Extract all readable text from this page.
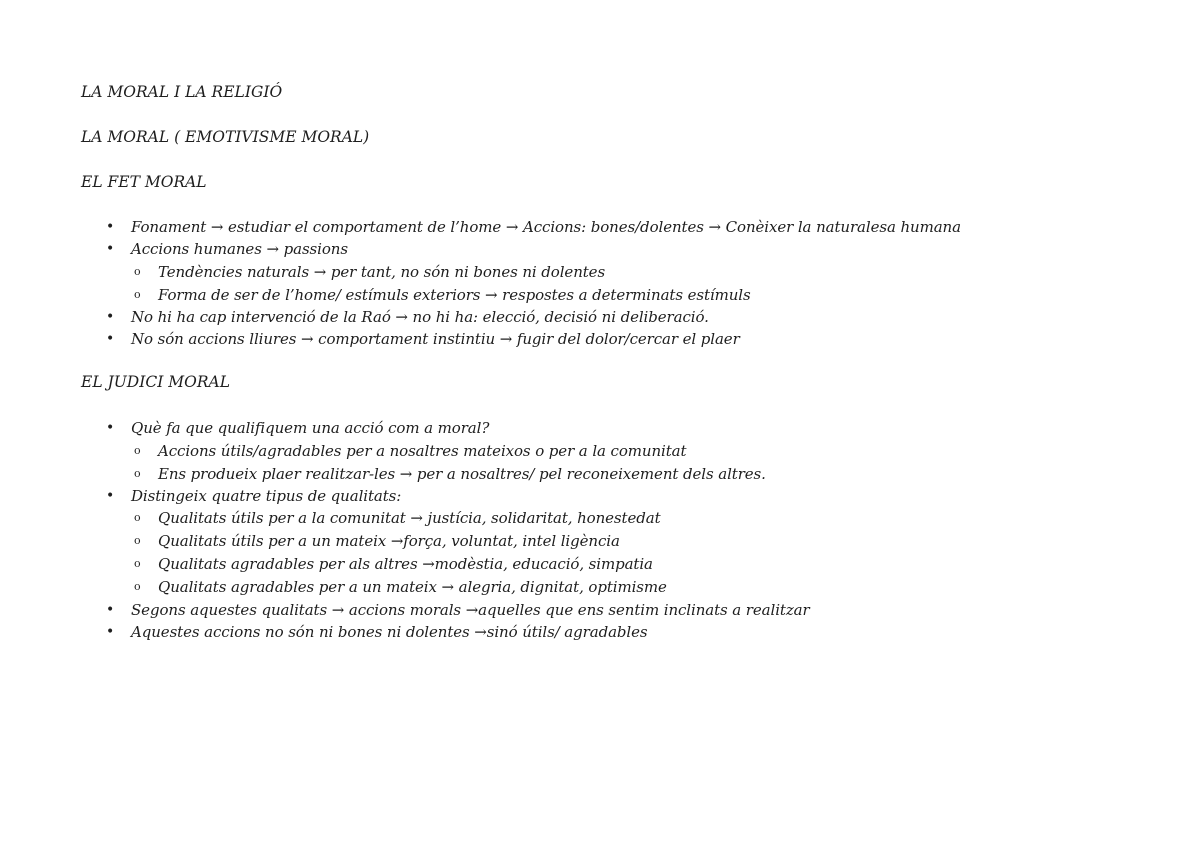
LA MORAL I LA RELIGIÓ
LA MORAL ( EMOTIVISME MORAL)
EL FET MORAL
• Fonament → estudiar el comportament de l’home → Accions: bones/dolentes → Conèixer la naturalesa humana
• Accions humanes → passions
o Tendències naturals → per tant, no són ni bones ni dolentes
o Forma de ser de l’home/ estímuls exteriors → respostes a determinats estímuls
• No hi ha cap intervenció de la Raó → no hi ha: elecció, decisió ni deliberació.
• No són accions lliures → comportament instintiu → fugir del dolor/cercar el plaer
EL JUDICI MORAL
• Què fa que qualifiquem una acció com a moral?
o Accions útils/agradables per a nosaltres mateixos o per a la comunitat
o Ens produeix plaer realitzar-les → per a nosaltres/ pel reconeixement dels altres.
• Distingeix quatre tipus de qualitats:
o Qualitats útils per a la comunitat → justícia, solidaritat, honestedat
o Qualitats útils per a un mateix →força, voluntat, intel ligència
o Qualitats agradables per als altres →modèstia, educació, simpatia
o Qualitats agradables per a un mateix → alegria, dignitat, optimisme
• Segons aquestes qualitats → accions morals →aquelles que ens sentim inclinats a realitzar
• Aquestes accions no són ni bones ni dolentes →sinó útils/ agradables
